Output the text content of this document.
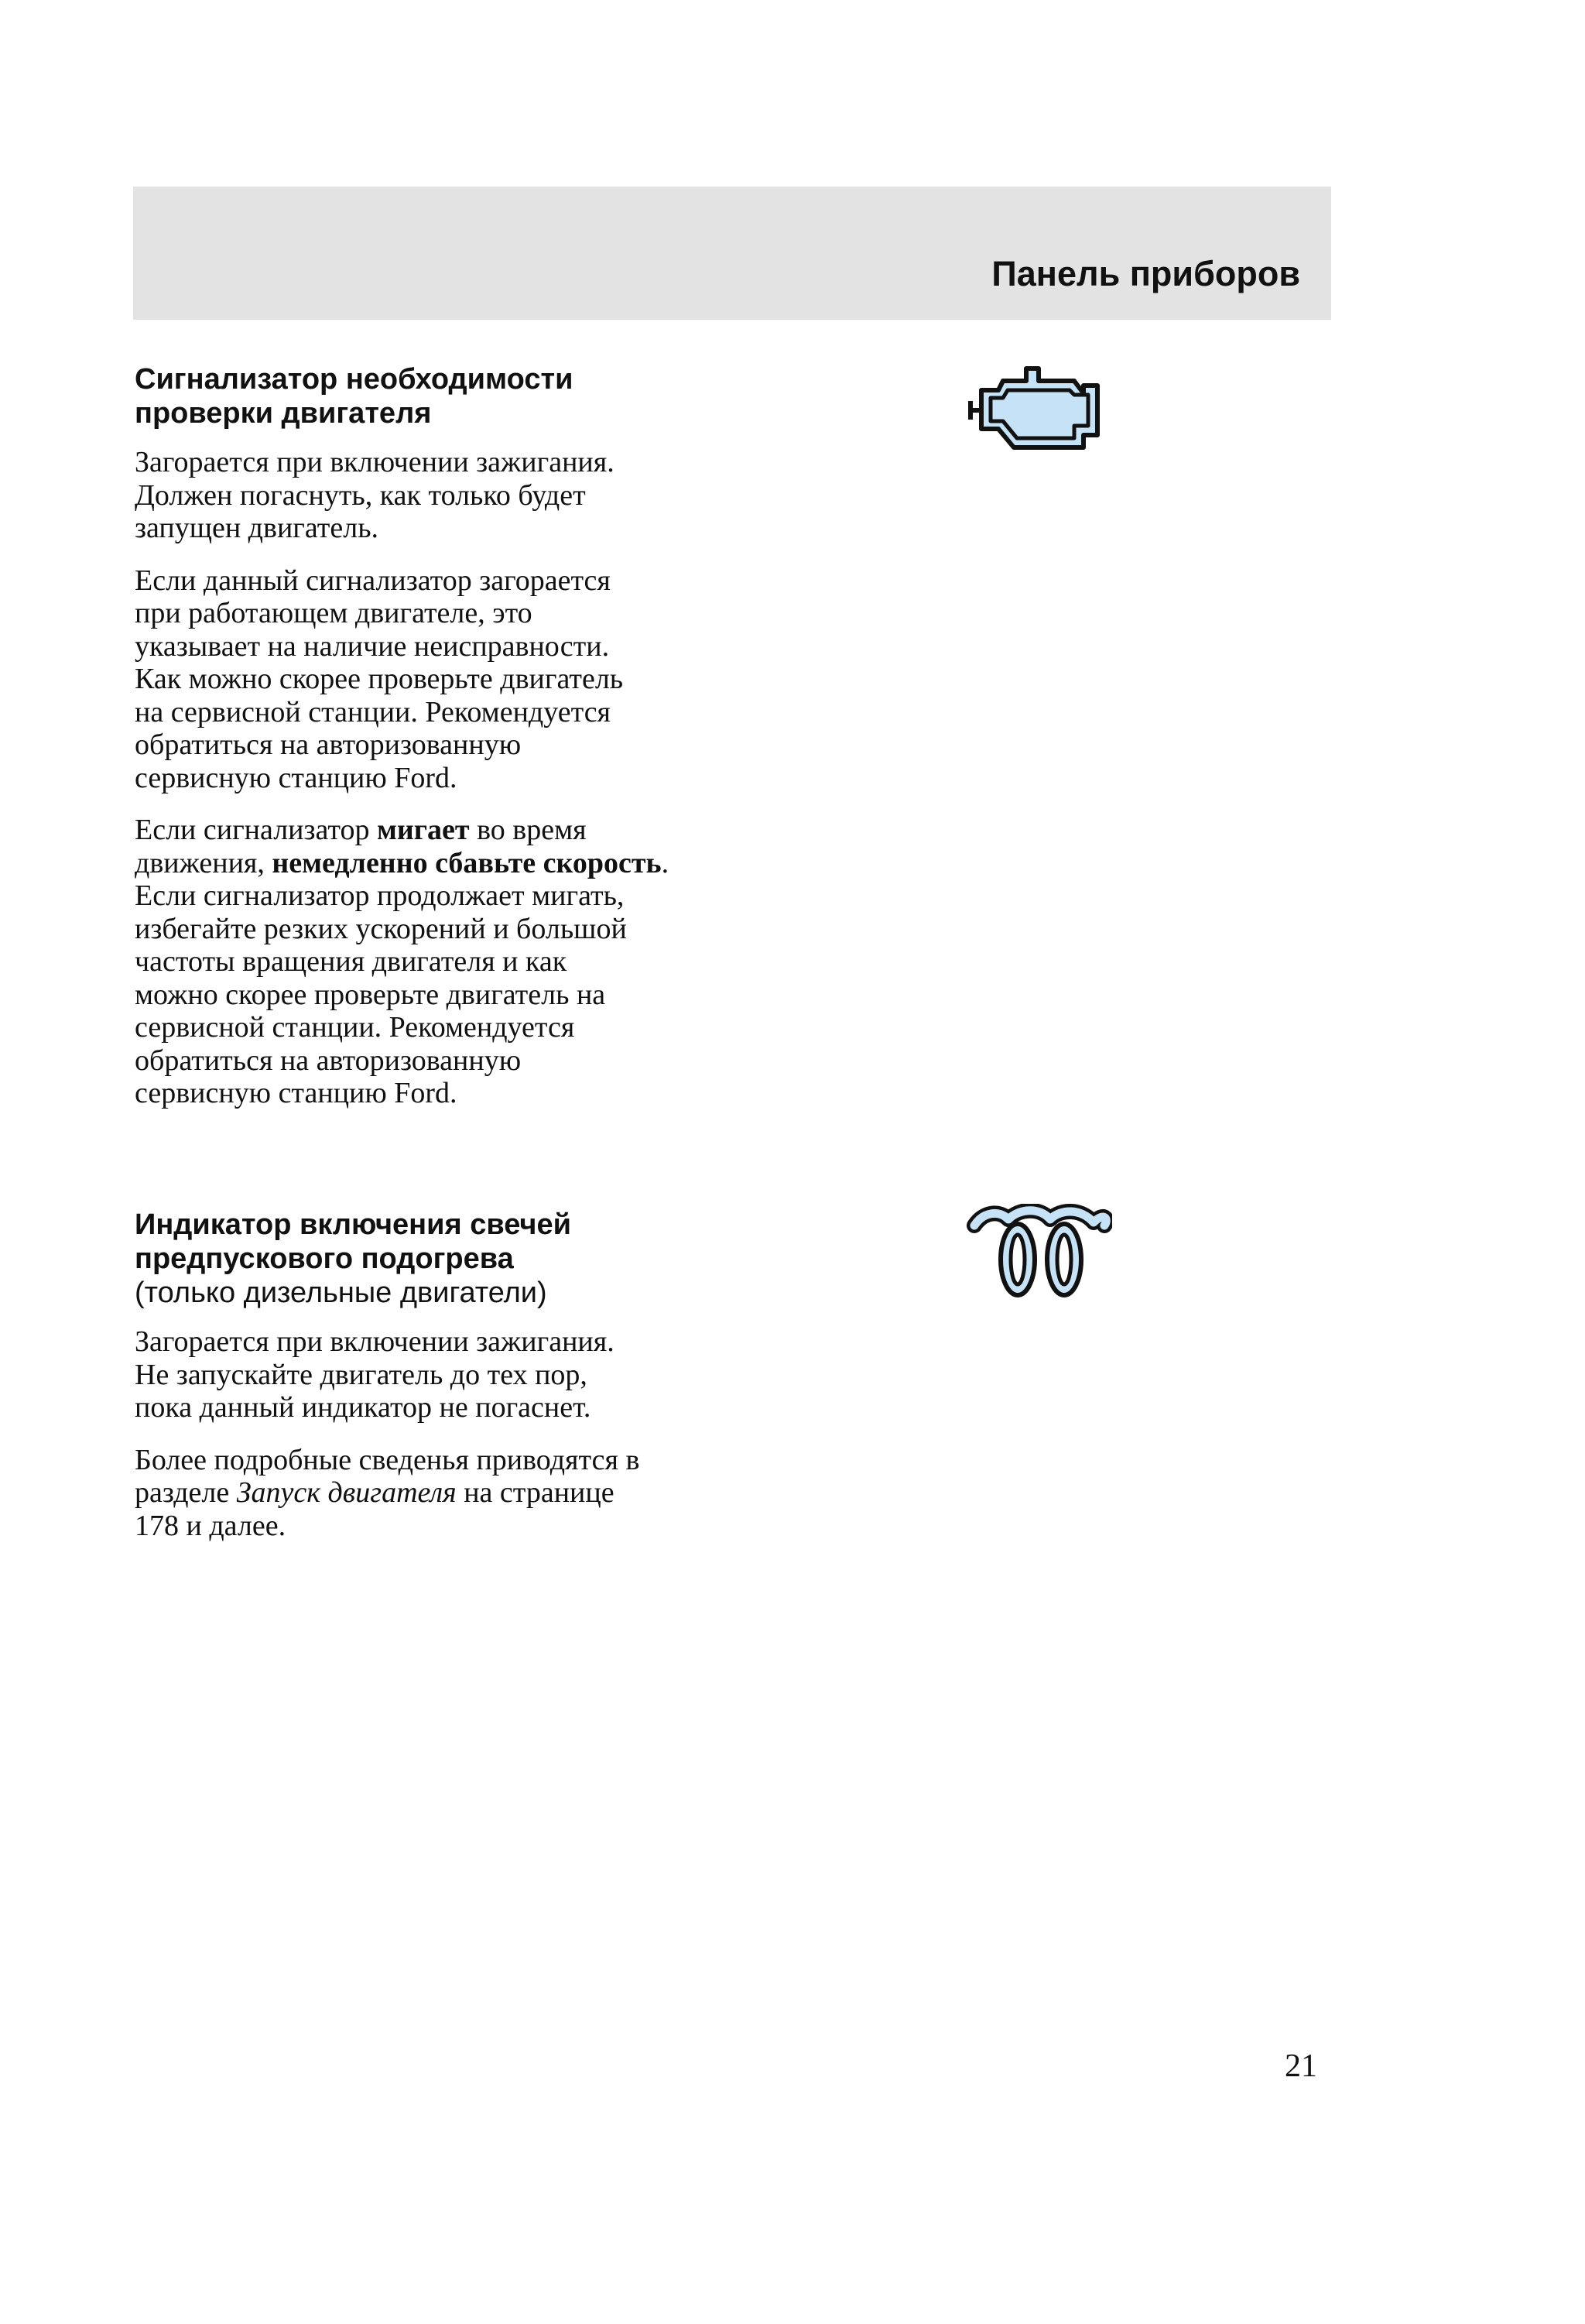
Панель приборов
Сигнализатор необходимости
проверки двигателя

Загорается при включении зажигания.
Должен погаснуть, как только будет
запущен двигатель.

Если данный сигнализатор загорается
при работающем двигателе, это
указывает на наличие неисправности.
Как можно скорее проверьте двигатель
на сервисной станции. Рекомендуется
обратиться на авторизованную
сервисную станцию Ford.

Если сигнализатор мигает во время
движения, немедленно сбавьте скорость.
Если сигнализатор продолжает мигать,
избегайте резких ускорений и большой
частоты вращения двигателя и как
можно скорее проверьте двигатель на
сервисной станции. Рекомендуется
обратиться на авторизованную
сервисную станцию Ford.

Индикатор включения свечей
предпускового подогрева

(только дизельные двигатели)

Загорается при включении зажигания.
Не запускайте двигатель до тех пор,
пока данный индикатор не погаснет.

Более подробные сведенья приводятся в
разделе Запуск двигателя на странице
178 и далее.

21
